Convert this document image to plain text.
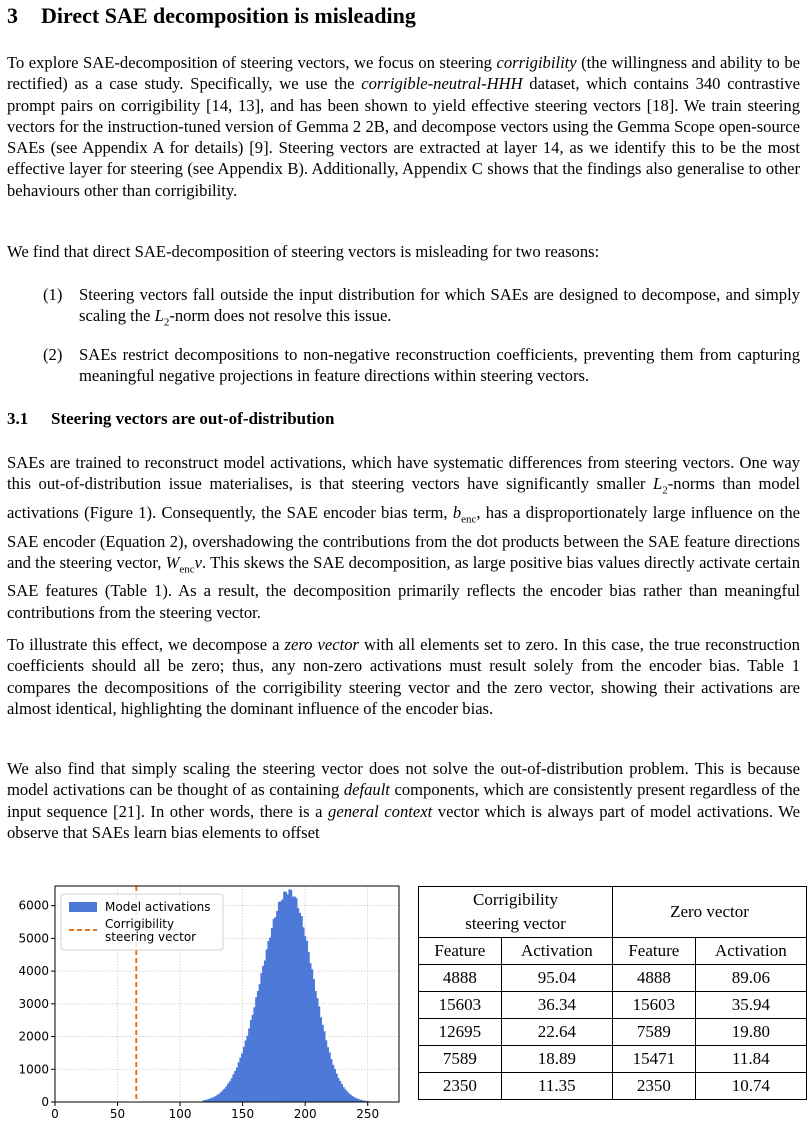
3 Direct SAE decomposition is misleading

To explore SAE-decomposition of steering vectors, we focus on steering corrigibility (the willingness and ability to be rectified) as a case study. Specifically, we use the corrigible-neutral-HHH dataset, which contains 340 contrastive prompt pairs on corrigibility [14, 13], and has been shown to yield effective steering vectors [18]. We train steering vectors for the instruction-tuned version of Gemma 2 2B, and decompose vectors using the Gemma Scope open-source SAEs (see Appendix A for details) [9]. Steering vectors are extracted at layer 14, as we identify this to be the most effective layer for steering (see Appendix B). Additionally, Appendix C shows that the findings also generalise to other behaviours other than corrigibility.

We find that direct SAE-decomposition of steering vectors is misleading for two reasons:

(1) Steering vectors fall outside the input distribution for which SAEs are designed to decompose, and simply scaling the $L_2$-norm does not resolve this issue.
(2) SAEs restrict decompositions to non-negative reconstruction coefficients, preventing them from capturing meaningful negative projections in feature directions within steering vectors.
3.1 Steering vectors are out-of-distribution

SAEs are trained to reconstruct model activations, which have systematic differences from steering vectors. One way this out-of-distribution issue materialises, is that steering vectors have significantly smaller $L_2$-norms than model activations (Figure 1). Consequently, the SAE encoder bias term, $b_{enc}$, has a disproportionately large influence on the SAE encoder (Equation 2), overshadowing the contributions from the dot products between the SAE feature directions and the steering vector, $W_{enc}v$. This skews the SAE decomposition, as large positive bias values directly activate certain SAE features (Table 1). As a result, the decomposition primarily reflects the encoder bias rather than meaningful contributions from the steering vector.

To illustrate this effect, we decompose a zero vector with all elements set to zero. In this case, the true reconstruction coefficients should all be zero; thus, any non-zero activations must result solely from the encoder bias. Table 1 compares the decompositions of the corrigibility steering vector and the zero vector, showing their activations are almost identical, highlighting the dominant influence of the encoder bias.

We also find that simply scaling the steering vector does not solve the out-of-distribution problem. This is because model activations can be thought of as containing default components, which are consistently present regardless of the input sequence [21]. In other words, there is a general context vector which is always part of model activations. We observe that SAEs learn bias elements to offset

0	50	100	150	200	250
0
1000
2000
3000
4000
5000
6000	Model activations
Corrigibility
steering vector
Corrigibility
steering vector		Zero vector	
Feature	Activation	Feature	Activation
4888	95.04	4888	89.06
15603	36.34	15603	35.94
12695	22.64	7589	19.80
7589	18.89	15471	11.84
2350	11.35	2350	10.74
